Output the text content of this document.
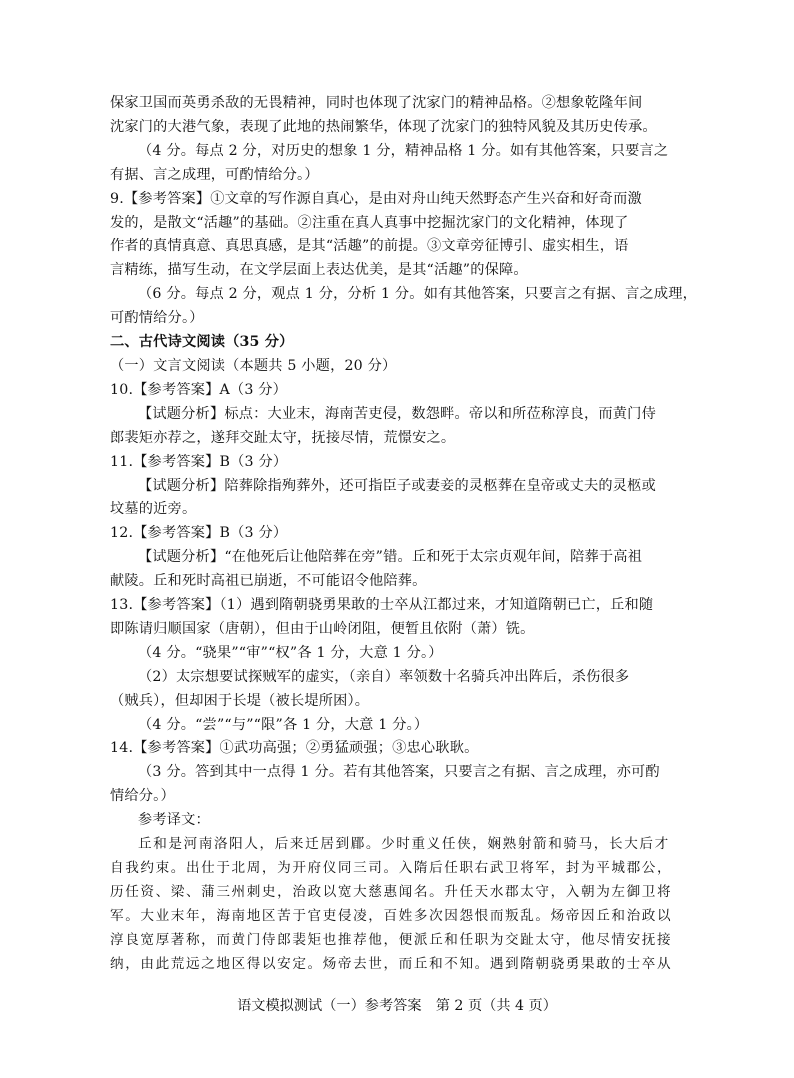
保家卫国而英勇杀敌的无畏精神，同时也体现了沈家门的精神品格。②想象乾隆年间
沈家门的大港气象，表现了此地的热闹繁华，体现了沈家门的独特风貌及其历史传承。
（4 分。每点 2 分，对历史的想象 1 分，精神品格 1 分。如有其他答案，只要言之
有据、言之成理，可酌情给分。）
9.【参考答案】①文章的写作源自真心，是由对舟山纯天然野态产生兴奋和好奇而激
发的，是散文“活趣”的基础。②注重在真人真事中挖掘沈家门的文化精神，体现了
作者的真情真意、真思真感，是其“活趣”的前提。③文章旁征博引、虚实相生，语
言精练，描写生动，在文学层面上表达优美，是其“活趣”的保障。
（6 分。每点 2 分，观点 1 分，分析 1 分。如有其他答案，只要言之有据、言之成理，
可酌情给分。）
二、古代诗文阅读（35 分）
（一）文言文阅读（本题共 5 小题，20 分）
10.【参考答案】A（3 分）
【试题分析】标点：大业末，海南苦吏侵，数怨畔。帝以和所莅称淳良，而黄门侍
郎裴矩亦荐之，遂拜交趾太守，抚接尽情，荒憬安之。
11.【参考答案】B（3 分）
【试题分析】陪葬除指殉葬外，还可指臣子或妻妾的灵柩葬在皇帝或丈夫的灵柩或
坟墓的近旁。
12.【参考答案】B（3 分）
【试题分析】“在他死后让他陪葬在旁”错。丘和死于太宗贞观年间，陪葬于高祖
献陵。丘和死时高祖已崩逝，不可能诏令他陪葬。
13.【参考答案】（1）遇到隋朝骁勇果敢的士卒从江都过来，才知道隋朝已亡，丘和随
即陈请归顺国家（唐朝），但由于山岭闭阻，便暂且依附（萧）铣。
（4 分。“骁果”“审”“权”各 1 分，大意 1 分。）
（2）太宗想要试探贼军的虚实，（亲自）率领数十名骑兵冲出阵后，杀伤很多
（贼兵），但却困于长堤（被长堤所困）。
（4 分。“尝”“与”“限”各 1 分，大意 1 分。）
14.【参考答案】①武功高强；②勇猛顽强；③忠心耿耿。
（3 分。答到其中一点得 1 分。若有其他答案，只要言之有据、言之成理，亦可酌
情给分。）
参考译文：
丘和是河南洛阳人，后来迁居到郿。少时重义任侠，娴熟射箭和骑马，长大后才
自我约束。出仕于北周，为开府仪同三司。入隋后任职右武卫将军，封为平城郡公，
历任资、梁、蒲三州刺史，治政以宽大慈惠闻名。升任天水郡太守，入朝为左御卫将
军。大业末年，海南地区苦于官吏侵凌，百姓多次因怨恨而叛乱。炀帝因丘和治政以
淳良宽厚著称，而黄门侍郎裴矩也推荐他，便派丘和任职为交趾太守，他尽情安抚接
纳，由此荒远之地区得以安定。炀帝去世，而丘和不知。遇到隋朝骁勇果敢的士卒从
语文模拟测试（一）参考答案　第 2 页（共 4 页）
